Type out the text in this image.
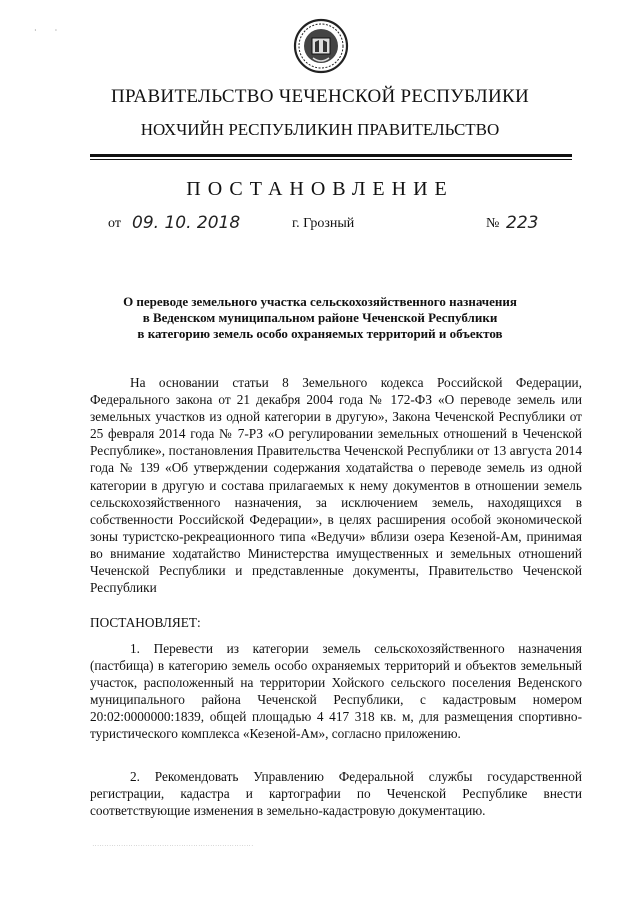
·         ·
ПРАВИТЕЛЬСТВО ЧЕЧЕНСКОЙ РЕСПУБЛИКИ
НОХЧИЙН РЕСПУБЛИКИН ПРАВИТЕЛЬСТВО
ПОСТАНОВЛЕНИЕ
от 09. 10. 2018	г. Грозный	№ 223
О переводе земельного участка сельскохозяйственного назначения
в Веденском муниципальном районе Чеченской Республики
в категорию земель особо охраняемых территорий и объектов
На основании статьи 8 Земельного кодекса Российской Федерации, Федерального закона от 21 декабря 2004 года № 172-ФЗ «О переводе земель или земельных участков из одной категории в другую», Закона Чеченской Республики от 25 февраля 2014 года № 7-РЗ «О регулировании земельных отношений в Чеченской Республике», постановления Правительства Чеченской Республики от 13 августа 2014 года № 139 «Об утверждении содержания ходатайства о переводе земель из одной категории в другую и состава прилагаемых к нему документов в отношении земель сельскохозяйственного назначения, за исключением земель, находящихся в собственности Российской Федерации», в целях расширения особой экономической зоны туристско-рекреационного типа «Ведучи» вблизи озера Кезеной-Ам, принимая во внимание ходатайство Министерства имущественных и земельных отношений Чеченской Республики и представленные документы, Правительство Чеченской Республики
ПОСТАНОВЛЯЕТ:
1. Перевести из категории земель сельскохозяйственного назначения (пастбища) в категорию земель особо охраняемых территорий и объектов земельный участок, расположенный на территории Хойского сельского поселения Веденского муниципального района Чеченской Республики, с кадастровым номером 20:02:0000000:1839, общей площадью 4 417 318 кв. м, для размещения спортивно-туристического комплекса «Кезеной-Ам», согласно приложению.
2. Рекомендовать Управлению Федеральной службы государственной регистрации, кадастра и картографии по Чеченской Республике внести соответствующие изменения в земельно-кадастровую документацию.
···································································
